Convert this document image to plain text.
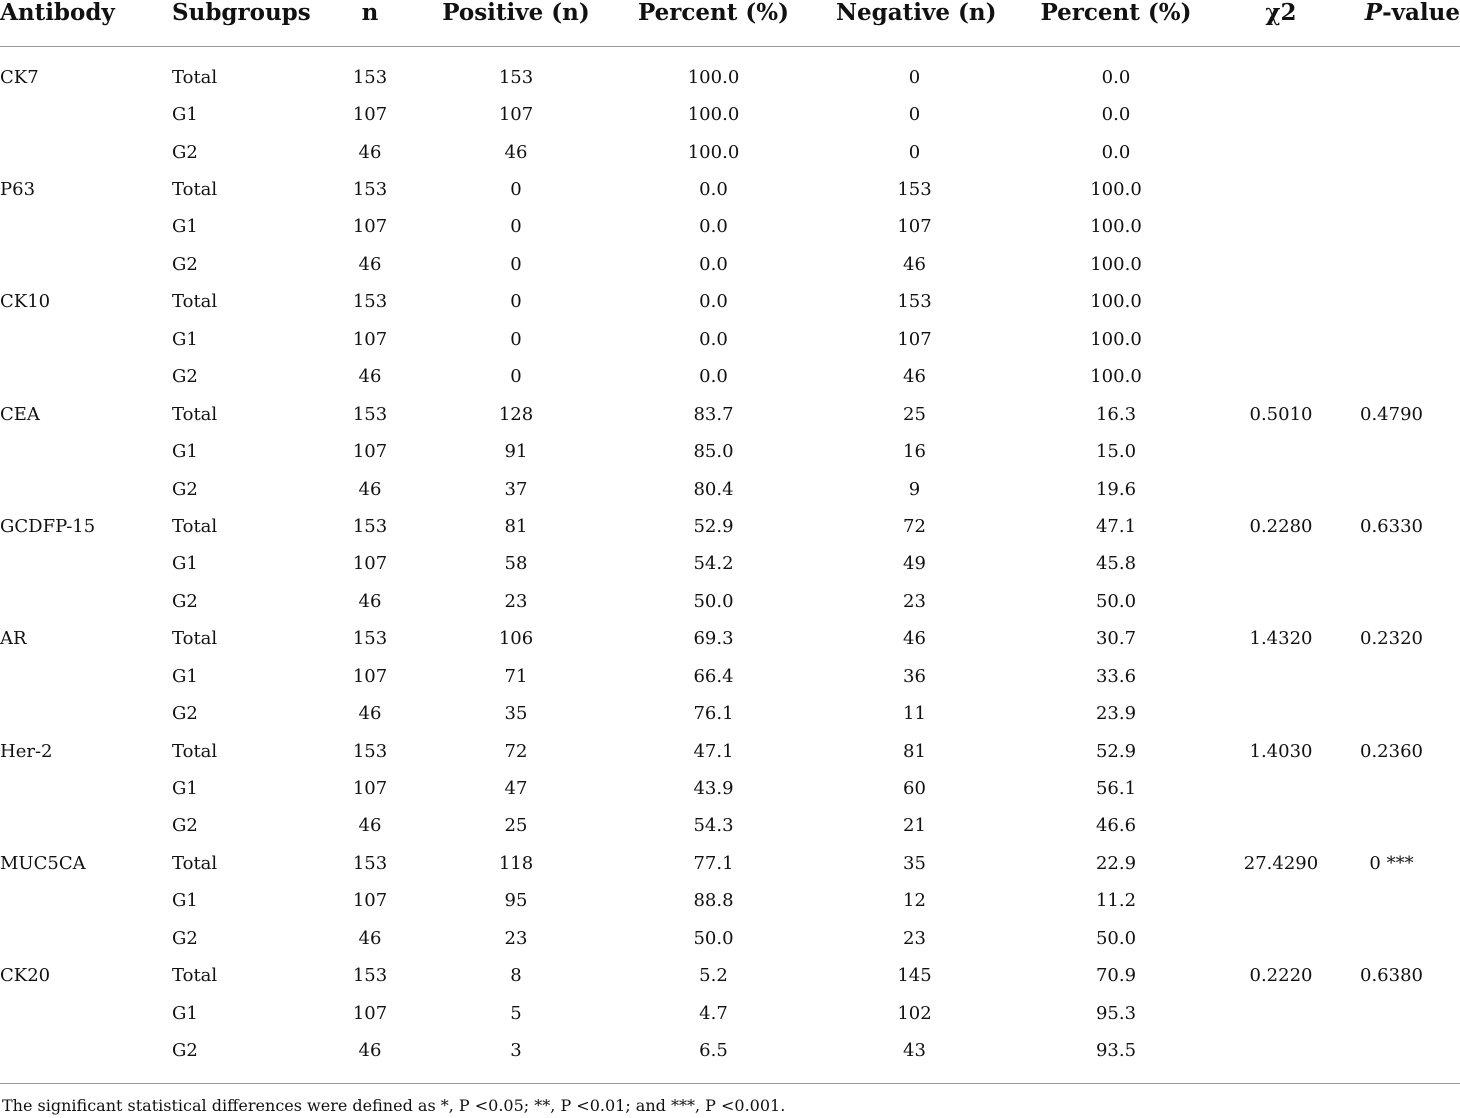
Antibody	Subgroups	n	Positive (n)	Percent (%)	Negative (n)	Percent (%)	χ2	P-value
CK7	Total	153	153	100.0	0	0.0		
	G1	107	107	100.0	0	0.0		
	G2	46	46	100.0	0	0.0		
P63	Total	153	0	0.0	153	100.0		
	G1	107	0	0.0	107	100.0		
	G2	46	0	0.0	46	100.0		
CK10	Total	153	0	0.0	153	100.0		
	G1	107	0	0.0	107	100.0		
	G2	46	0	0.0	46	100.0		
CEA	Total	153	128	83.7	25	16.3	0.5010	0.4790
	G1	107	91	85.0	16	15.0		
	G2	46	37	80.4	9	19.6		
GCDFP-15	Total	153	81	52.9	72	47.1	0.2280	0.6330
	G1	107	58	54.2	49	45.8		
	G2	46	23	50.0	23	50.0		
AR	Total	153	106	69.3	46	30.7	1.4320	0.2320
	G1	107	71	66.4	36	33.6		
	G2	46	35	76.1	11	23.9		
Her-2	Total	153	72	47.1	81	52.9	1.4030	0.2360
	G1	107	47	43.9	60	56.1		
	G2	46	25	54.3	21	46.6		
MUC5CA	Total	153	118	77.1	35	22.9	27.4290	0 ***
	G1	107	95	88.8	12	11.2		
	G2	46	23	50.0	23	50.0		
CK20	Total	153	8	5.2	145	70.9	0.2220	0.6380
	G1	107	5	4.7	102	95.3		
	G2	46	3	6.5	43	93.5		
The significant statistical differences were defined as *, P <0.05; **, P <0.01; and ***, P <0.001.
